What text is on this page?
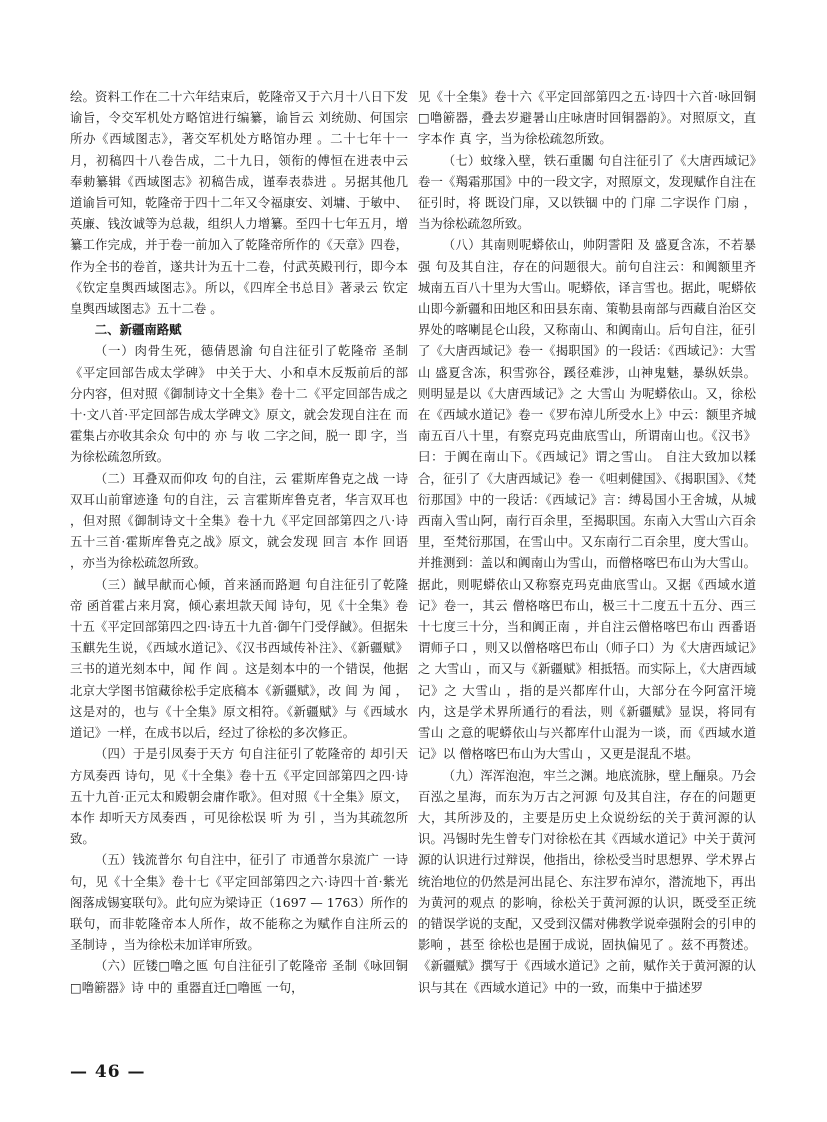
绘。资料工作在二十六年结束后，乾隆帝又于六月十八日下发谕旨，令交军机处方略馆进行编纂，谕旨云 刘统勋、何国宗所办《西域图志》，著交军机处方略馆办理 。二十七年十一月，初稿四十八卷告成，二十九日，领衔的傅恒在进表中云 奉勅纂辑《西域图志》初稿告成，谨奉表恭进 。另据其他几道谕旨可知，乾隆帝于四十二年又令福康安、刘墉、于敏中、英廉、钱汝诚等为总裁，组织人力增纂。至四十七年五月，增纂工作完成，并于卷一前加入了乾隆帝所作的《天章》四卷，作为全书的卷首，遂共计为五十二卷，付武英殿刊行，即今本《钦定皇舆西域图志》。所以，《四库全书总目》著录云 钦定皇舆西域图志》五十二卷 。

二、新疆南路赋

（一）肉骨生死，德倩恩渝 句自注征引了乾隆帝 圣制《平定回部告成太学碑》 中关于大、小和卓木反叛前后的部分内容，但对照《御制诗文十全集》卷十二《平定回部告成之十·文八首·平定回部告成太学碑文》原文，就会发现自注在 而霍集占亦收其余众 句中的 亦 与 收 二字之间，脱一 即 字，当为徐松疏忽所致。

（二）耳叠双而仰攻 句的自注，云 霍斯库鲁克之战 一诗 双耳山前窜迹逢 句的自注，云 言霍斯库鲁克者，华言双耳也 ，但对照《御制诗文十全集》卷十九《平定回部第四之八·诗五十三首·霍斯库鲁克之战》原文，就会发现 回言 本作 回语 ，亦当为徐松疏忽所致。

（三）馘早献而心倾，首来涵而路迴 句自注征引了乾隆帝 函首霍占来月窝，倾心素坦款天闻 诗句，见《十全集》卷十五《平定回部第四之四·诗五十九首·御午门受俘馘》。但据朱玉麒先生说，《西域水道记》、《汉书西域传补注》、《新疆赋》三书的道光刻本中，闻 作 闾 。这是刻本中的一个错误，他据北京大学图书馆藏徐松手定底稿本《新疆赋》，改 闾 为 闻 ，这是对的，也与《十全集》原文相符。《新疆赋》与《西域水道记》一样，在成书以后，经过了徐松的多次修正。

（四）于是引凤奏于天方 句自注征引了乾隆帝的 却引天方凤奏西 诗句，见《十全集》卷十五《平定回部第四之四·诗五十九首·正元太和殿朝会庸作歌》。但对照《十全集》原文，本作 却听天方凤奏西 ，可见徐松误 听 为 引 ，当为其疏忽所致。

（五）钱流普尔 句自注中，征引了 市通普尔泉流广 一诗句，见《十全集》卷十七《平定回部第四之六·诗四十首·紫光阁落成锡宴联句》。此句应为梁诗正（1697 — 1763）所作的联句，而非乾隆帝本人所作，故不能称之为赋作自注所云的 圣制诗 ，当为徐松未加详审所致。

（六）匠镂□噜之匜 句自注征引了乾隆帝 圣制《咏回铜□噜簖器》诗 中的 重器直迁□噜匜 一句，

见《十全集》卷十六《平定回部第四之五·诗四十六首·咏回铜□噜簖器，叠去岁避暑山庄咏唐时回铜器韵》。对照原文，直 字本作 真 字，当为徐松疏忽所致。

（七）蚊缘入壁，铁石重闟 句自注征引了《大唐西域记》卷一《羯霜那国》中的一段文字，对照原文，发现赋作自注在征引时，将 既设门扉，又以铁锢 中的 门扉 二字误作 门扇 ，当为徐松疏忽所致。

（八）其南则呢蟒依山，帅阴霅阳 及 盛夏含冻，不若暴强 句及其自注，存在的问题很大。前句自注云：和阗额里齐城南五百八十里为大雪山。呢蟒依，译言雪也。据此，呢蟒依山即今新疆和田地区和田县东南、策勒县南部与西藏自治区交界处的喀喇昆仑山段，又称南山、和阗南山。后句自注，征引了《大唐西域记》卷一《揭职国》的一段话：《西域记》：大雪山 盛夏含冻，积雪弥谷，蹊径难涉，山神鬼魅，暴纵妖祟。 则明显是以《大唐西域记》之 大雪山 为呢蟒依山。又，徐松在《西域水道记》卷一《罗布淖儿所受水上》中云：额里齐城南五百八十里，有察克玛克曲底雪山，所谓南山也。《汉书》曰：于阗在南山下。《西域记》谓之雪山。 自注大致加以糅合，征引了《大唐西域记》卷一《呾剌健国》、《揭职国》、《梵衍那国》中的一段话：《西域记》言：缚曷国小王舍城，从城西南入雪山阿，南行百余里，至揭职国。东南入大雪山六百余里，至梵衍那国，在雪山中。又东南行二百余里，度大雪山。 并推测到：盖以和阗南山为雪山，而僧格喀巴布山为大雪山。 据此，则呢蟒依山又称察克玛克曲底雪山。又据《西域水道记》卷一，其云 僧格喀巴布山，极三十二度五十五分、西三十七度三十分，当和阗正南 ，并自注云僧格喀巴布山 西番语谓师子口 ，则又以僧格喀巴布山（师子口）为《大唐西域记》之 大雪山 ，而又与《新疆赋》相抵牾。而实际上，《大唐西域记》之 大雪山 ，指的是兴都库什山，大部分在今阿富汗境内，这是学术界所通行的看法，则《新疆赋》显误，将同有 雪山 之意的呢蟒依山与兴都库什山混为一谈，而《西域水道记》以 僧格喀巴布山为大雪山 ，又更是混乱不堪。

（九）浑浑泡泡，牢兰之渊。地底流脉，壁上酾泉。乃会百泓之星海，而东为万古之河源 句及其自注，存在的问题更大，其所涉及的，主要是历史上众说纷纭的关于黄河源的认识。冯锡时先生曾专门对徐松在其《西域水道记》中关于黄河源的认识进行过辩误，他指出，徐松受当时思想界、学术界占统治地位的仍然是河出昆仑、东注罗布淖尔，潜流地下，再出为黄河的观点 的影响，徐松关于黄河源的认识，既受至正统的错误学说的支配，又受到汉儒对佛教学说牵强附会的引申的影响 ，甚至 徐松也是囿于成说，固执偏见了 。兹不再赘述。《新疆赋》撰写于《西域水道记》之前，赋作关于黄河源的认识与其在《西域水道记》中的一致，而集中于描述罗

— 46 —
